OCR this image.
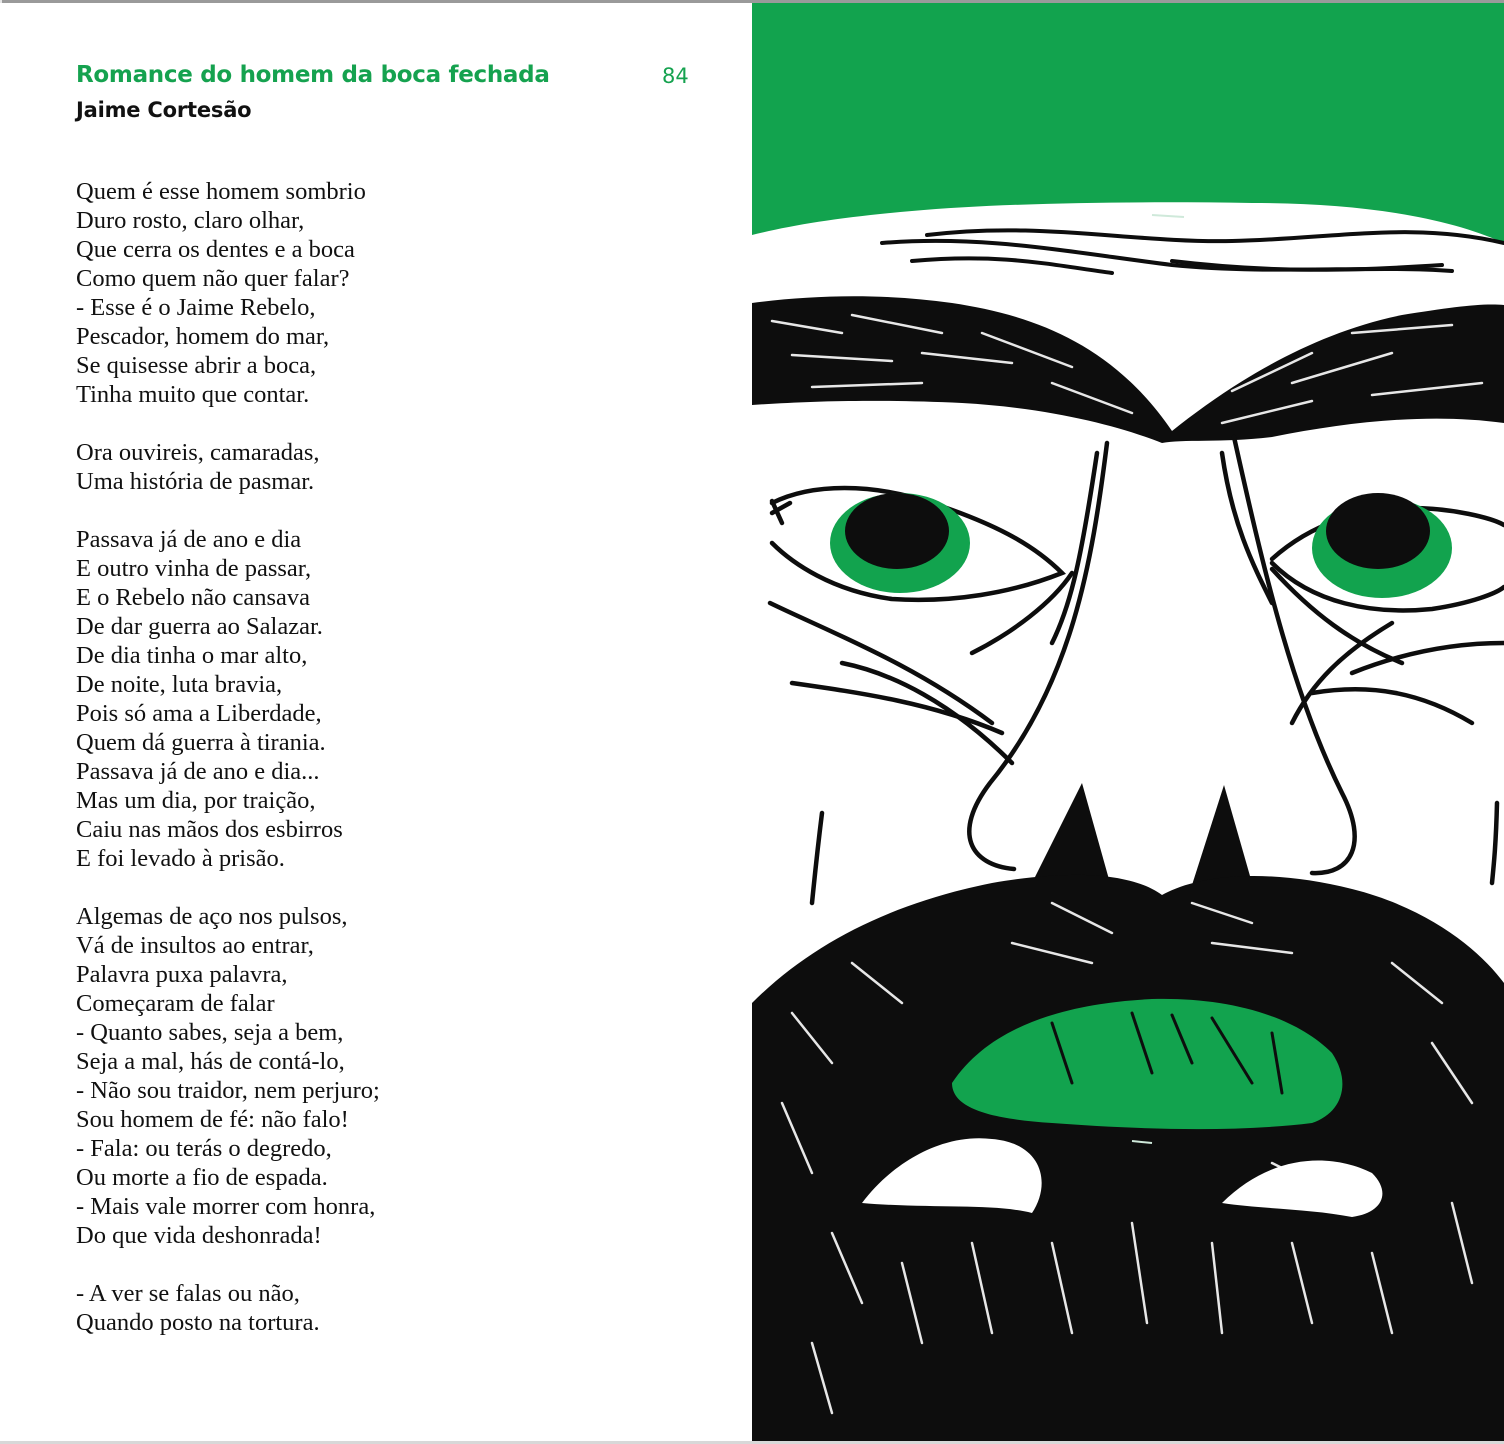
Romance do homem da boca fechada
Jaime Cortesão
84
Quem é esse homem sombrio
Duro rosto, claro olhar,
Que cerra os dentes e a boca
Como quem não quer falar?
- Esse é o Jaime Rebelo,
Pescador, homem do mar,
Se quisesse abrir a boca,
Tinha muito que contar.
Ora ouvireis, camaradas,
Uma história de pasmar.
Passava já de ano e dia
E outro vinha de passar,
E o Rebelo não cansava
De dar guerra ao Salazar.
De dia tinha o mar alto,
De noite, luta bravia,
Pois só ama a Liberdade,
Quem dá guerra à tirania.
Passava já de ano e dia...
Mas um dia, por traição,
Caiu nas mãos dos esbirros
E foi levado à prisão.
Algemas de aço nos pulsos,
Vá de insultos ao entrar,
Palavra puxa palavra,
Começaram de falar
- Quanto sabes, seja a bem,
Seja a mal, hás de contá-lo,
- Não sou traidor, nem perjuro;
Sou homem de fé: não falo!
- Fala: ou terás o degredo,
Ou morte a fio de espada.
- Mais vale morrer com honra,
Do que vida deshonrada!
- A ver se falas ou não,
Quando posto na tortura.
